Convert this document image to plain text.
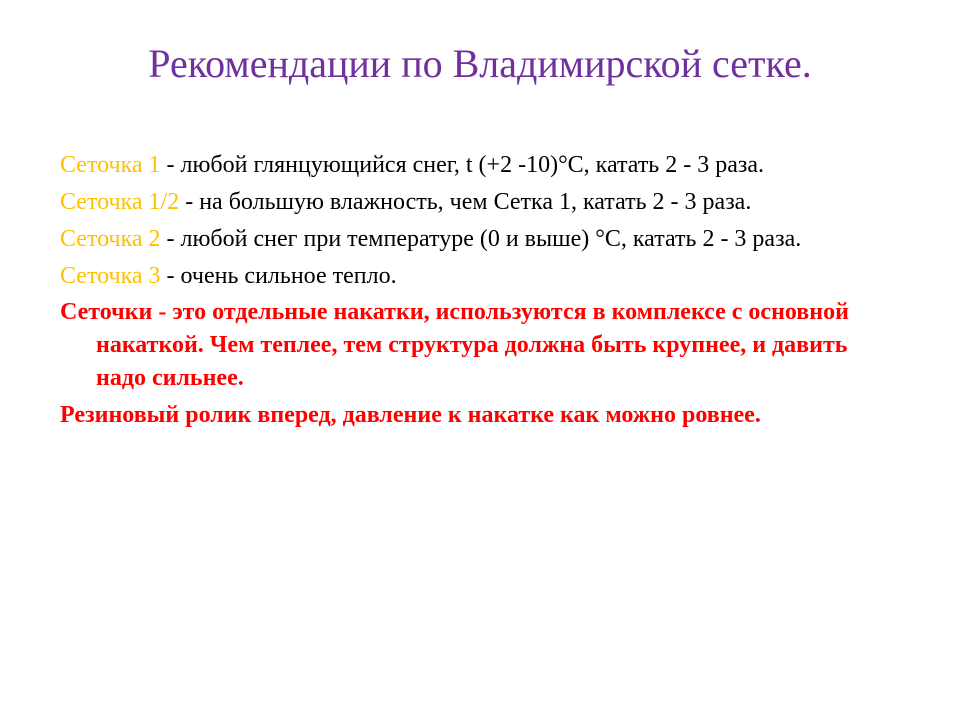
Рекомендации по Владимирской сетке.

Сеточка 1 - любой глянцующийся снег, t (+2 -10)°С, катать 2 - 3 раза.

Сеточка 1/2 - на большую влажность, чем Сетка 1, катать 2 - 3 раза.

Сеточка 2 - любой снег при температуре (0 и выше) °С, катать 2 - 3 раза.

Сеточка 3 - очень сильное тепло.

Сеточки - это отдельные накатки, используются в комплексе с основной накаткой. Чем теплее, тем структура должна быть крупнее, и давить надо сильнее.

Резиновый ролик вперед, давление к накатке как можно ровнее.
